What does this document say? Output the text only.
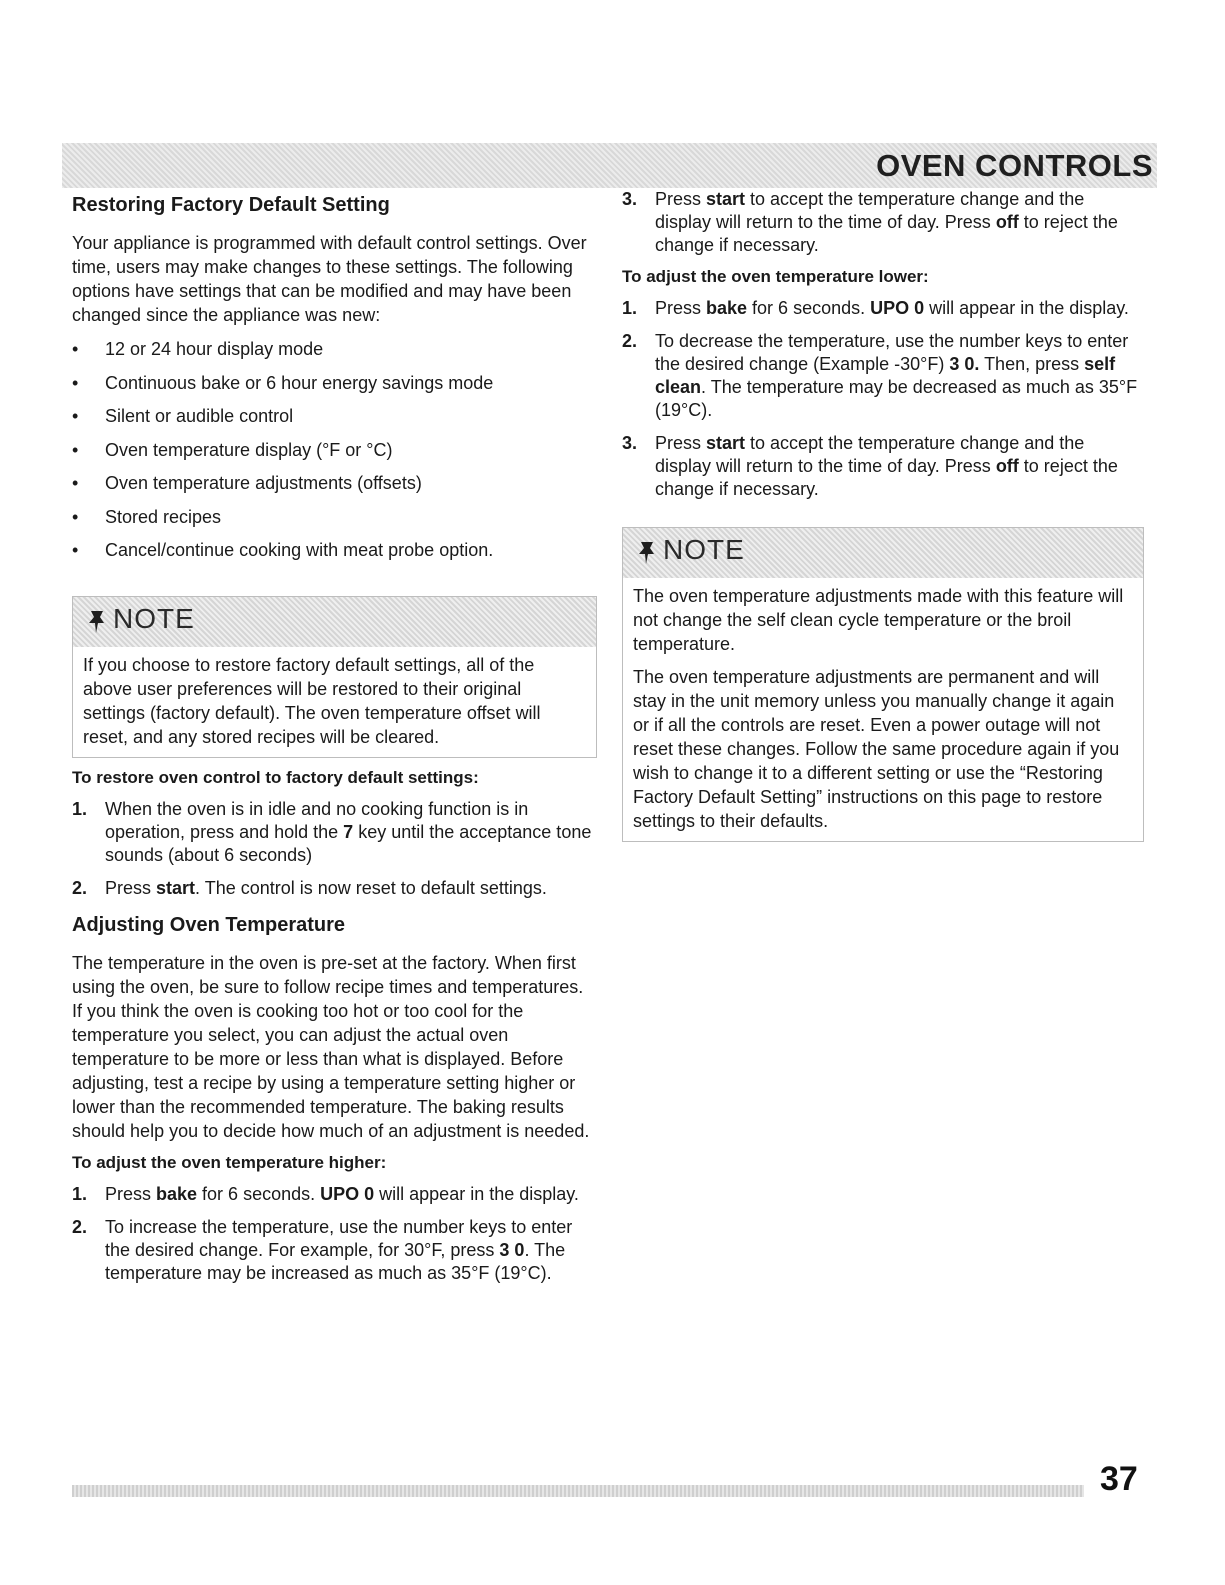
OVEN CONTROLS
Restoring Factory Default Setting

Your appliance is programmed with default control settings. Over time, users may make changes to these settings. The following options have settings that can be modified and may have been changed since the appliance was new:

• 12 or 24 hour display mode
• Continuous bake or 6 hour energy savings mode
• Silent or audible control
• Oven temperature display (°F or °C)
• Oven temperature adjustments (offsets)
• Stored recipes
• Cancel/continue cooking with meat probe option.
NOTE

If you choose to restore factory default settings, all of the above user preferences will be restored to their original settings (factory default). The oven temperature offset will reset, and any stored recipes will be cleared.

To restore oven control to factory default settings:
1. When the oven is in idle and no cooking function is in operation, press and hold the 7 key until the acceptance tone sounds (about 6 seconds)
2. Press start. The control is now reset to default settings.
Adjusting Oven Temperature

The temperature in the oven is pre-set at the factory. When first using the oven, be sure to follow recipe times and temperatures. If you think the oven is cooking too hot or too cool for the temperature you select, you can adjust the actual oven temperature to be more or less than what is displayed. Before adjusting, test a recipe by using a temperature setting higher or lower than the recommended temperature. The baking results should help you to decide how much of an adjustment is needed.

To adjust the oven temperature higher:
1. Press bake for 6 seconds. UPO 0 will appear in the display.
2. To increase the temperature, use the number keys to enter the desired change. For example, for 30°F, press 3 0. The temperature may be increased as much as 35°F (19°C).
3. Press start to accept the temperature change and the display will return to the time of day. Press off to reject the change if necessary.
To adjust the oven temperature lower:
1. Press bake for 6 seconds. UPO 0 will appear in the display.
2. To decrease the temperature, use the number keys to enter the desired change (Example -30°F) 3 0. Then, press self clean. The temperature may be decreased as much as 35°F (19°C).
3. Press start to accept the temperature change and the display will return to the time of day. Press off to reject the change if necessary.
NOTE

The oven temperature adjustments made with this feature will not change the self clean cycle temperature or the broil temperature.

The oven temperature adjustments are permanent and will stay in the unit memory unless you manually change it again or if all the controls are reset. Even a power outage will not reset these changes. Follow the same procedure again if you wish to change it to a different setting or use the “Restoring Factory Default Setting” instructions on this page to restore settings to their defaults.

37
